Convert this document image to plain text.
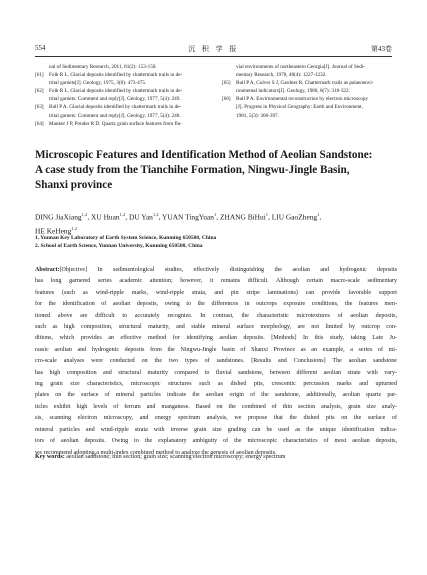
554	沉 积 学 报	第43卷
nal of Sedimentary Research, 2011, 81(2): 153-158.
[61] Folk R L. Glacial deposits identified by chattermark trails in de-
trital garnets[J]. Geology, 1975, 3(8): 473-475.
[62] Folk R L. Glacial deposits identified by chattermark trails in de-
trital garnets: Comment and reply[J]. Geology, 1977, 5(4): 249.
[63] Bull P A. Glacial deposits identified by chattermark trails in de-
trital garnets: Comment and reply[J]. Geology, 1977, 5(4): 248.
[64] Manker J P, Ponder R D. Quartz grain surface features from flu-
vial environments of northeastern Georgia[J]. Journal of Sedi-
mentary Research, 1978, 48(4): 1227-1232.
[65] Bull P A, Culver S J, Gardner R. Chattermark trails as palaeoenvi-
ronmental indicators[J]. Geology, 1980, 8(7): 318-322.
[66] Bull P A. Environmental reconstruction by electron microscopy
[J]. Progress in Physical Geography: Earth and Environment,
1981, 5(3): 368-397.
Microscopic Features and Identification Method of Aeolian Sandstone:
A case study from the Tianchihe Formation, Ningwu-Jingle Basin,
Shanxi province
DING JiaXiang$^{1,2}$, XU Huan$^{1,2}$, DU Yan$^{1,2}$, YUAN TingYuan$^1$, ZHANG BiHui$^1$, LIU GaoZheng$^1$,
HE KeHeng$^{1,2}$
1. Yunnan Key Laboratory of Earth System Science, Kunming 650500, China
2. School of Earth Science, Yunnan University, Kunming 650500, China
Abstract:[Objective] In sedimentological studies, effectively distinguishing the aeolian and hydrogenic deposits
has long garnered series academic attention; however, it remains difficult. Although certain macro-scale sedimentary
features (such as wind-ripple marks, wind-ripple strata, and pin stripe laminations) can provide favorable support
for the identification of aeolian deposits, owing to the differences in outcrops exposure conditions, the features men-
tioned above are difficult to accurately recognize. In contrast, the characteristic microtextures of aeolian deposits,
such as high composition, structural maturity, and stable mineral surface morphology, are not limited by outcrop con-
ditions, which provides an effective method for identifying aeolian deposits. [Methods] In this study, taking Late Ju-
rassic aeolian and hydrogenic deposits from the Ningwu-Jingle basin of Shanxi Province as an example, a series of mi-
cro-scale analyses were conducted on the two types of sandstones. [Results and Conclusions] The aeolian sandstone
has high composition and structural maturity compared to fluvial sandstone, between different aeolian strate with vary-
ing grain size characteristics, microscopic structures such as dished pits, crescentic percussion marks and upturned
plates on the surface of mineral particles indicate the aeolian origin of the sandstone, additionally, aeolian quartz par-
ticles exhibit high levels of ferrum and manganese. Based on the combined of thin section analysis, grain size analy-
sis, scanning electron microscopy, and energy spectrum analysis, we propose that the dished pits on the surface of
mineral particles and wind-ripple strata with inverse grain size grading can be used as the unique identification indica-
tors of aeolian deposits. Owing to the explanatory ambiguity of the microscopic characteristics of most aeolian deposits,
we recommend adopting a multi-index combined method to analyze the genesis of aeolian deposits.
Key words: aeolian sandstone; thin section; grain size; scanning electron microscopy; energy spectrum
